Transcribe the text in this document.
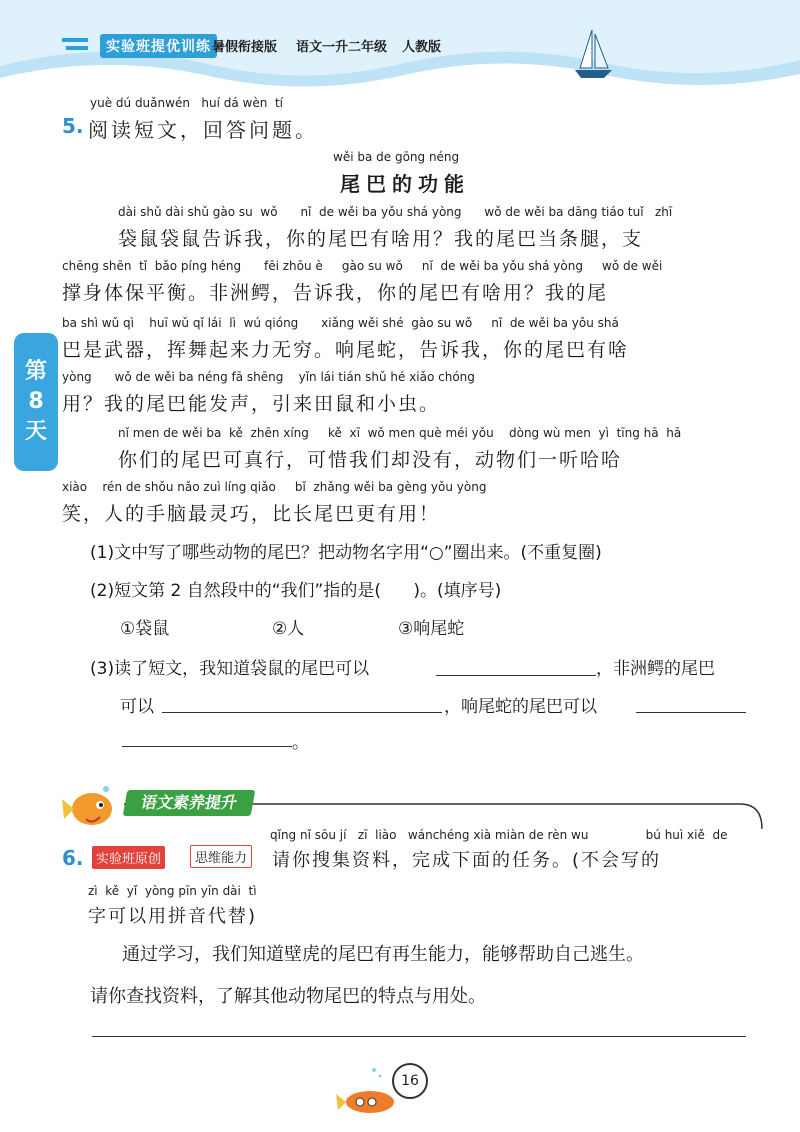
实验班提优训练 暑假衔接版 语文一升二年级 人教版
第
8
天
yuè dú duǎnwén   huí dá wèn  tí
5. 阅读短文，回答问题。
wěi ba de gōng néng
尾巴的功能
dài shǔ dài shǔ gào su  wǒ      nǐ  de wěi ba yǒu shá yòng      wǒ de wěi ba dāng tiáo tuǐ   zhī
袋鼠袋鼠告诉我，你的尾巴有啥用？我的尾巴当条腿，支
chēng shēn  tǐ  bǎo píng héng      fēi zhōu è     gào su wǒ     nǐ  de wěi ba yǒu shá yòng     wǒ de wěi
撑身体保平衡。非洲鳄，告诉我，你的尾巴有啥用？我的尾
ba shì wǔ qì    huī wǔ qǐ lái  lì  wú qióng      xiǎng wěi shé  gào su wǒ     nǐ  de wěi ba yǒu shá
巴是武器，挥舞起来力无穷。响尾蛇，告诉我，你的尾巴有啥
yòng      wǒ de wěi ba néng fā shēng    yǐn lái tián shǔ hé xiǎo chóng
用？我的尾巴能发声，引来田鼠和小虫。
nǐ men de wěi ba  kě  zhēn xíng     kě  xī  wǒ men què méi yǒu    dòng wù men  yì  tīng hā  hā
你们的尾巴可真行，可惜我们却没有，动物们一听哈哈
xiào    rén de shǒu nǎo zuì líng qiǎo     bǐ  zhǎng wěi ba gèng yǒu yòng
笑，人的手脑最灵巧，比长尾巴更有用！
(1)文中写了哪些动物的尾巴？把动物名字用“○”圈出来。(不重复圈)
(2)短文第 2 自然段中的“我们”指的是(      )。(填序号)
①袋鼠	②人	③响尾蛇
(3)读了短文，我知道袋鼠的尾巴可以	，非洲鳄的尾巴
可以	，响尾蛇的尾巴可以
。
语文素养提升
qǐng nǐ sōu jí   zī  liào   wánchéng xià miàn de rèn wu               bú huì xiě  de
6. 实验班原创	思维能力 请你搜集资料，完成下面的任务。(不会写的
zì  kě  yǐ  yòng pīn yīn dài  tì
字可以用拼音代替)
通过学习，我们知道壁虎的尾巴有再生能力，能够帮助自己逃生。
请你查找资料，了解其他动物尾巴的特点与用处。
16
